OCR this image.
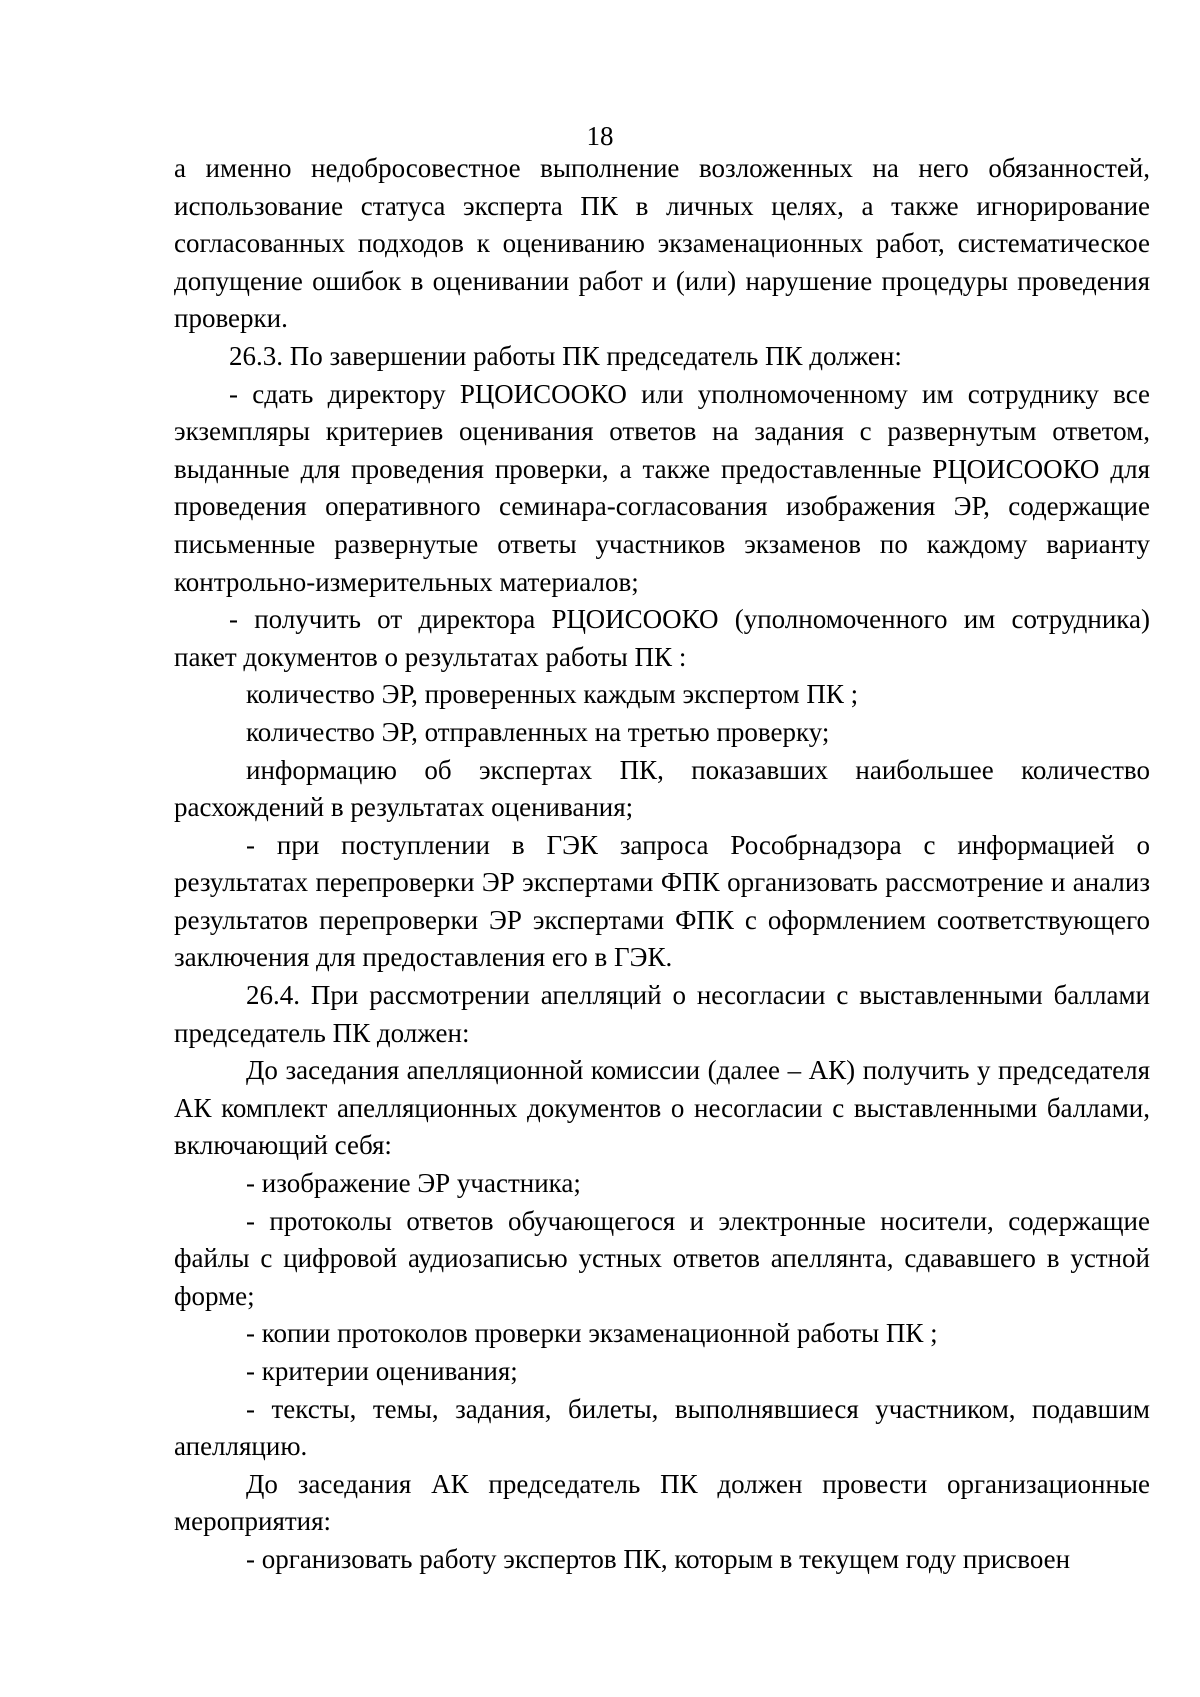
18

а именно недобросовестное выполнение возложенных на него обязанностей, использование статуса эксперта ПК в личных целях, а также игнорирование согласованных подходов к оцениванию экзаменационных работ, систематическое допущение ошибок в оценивании работ и (или) нарушение процедуры проведения проверки.

26.3. По завершении работы ПК председатель ПК должен:

- сдать директору РЦОИСООКО или уполномоченному им сотруднику все экземпляры критериев оценивания ответов на задания с развернутым ответом, выданные для проведения проверки, а также предоставленные РЦОИСООКО для проведения оперативного семинара-согласования изображения ЭР, содержащие письменные развернутые ответы участников экзаменов по каждому варианту контрольно-измерительных материалов;

- получить от директора РЦОИСООКО (уполномоченного им сотрудника) пакет документов о результатах работы ПК :

количество ЭР, проверенных каждым экспертом ПК ;

количество ЭР, отправленных на третью проверку;

информацию об экспертах ПК, показавших наибольшее количество расхождений в результатах оценивания;

- при поступлении в ГЭК запроса Рособрнадзора с информацией о результатах перепроверки ЭР экспертами ФПК организовать рассмотрение и анализ результатов перепроверки ЭР экспертами ФПК с оформлением соответствующего заключения для предоставления его в ГЭК.

26.4. При рассмотрении апелляций о несогласии с выставленными баллами председатель ПК должен:

До заседания апелляционной комиссии (далее – АК) получить у председателя АК комплект апелляционных документов о несогласии с выставленными баллами, включающий себя:

- изображение ЭР участника;

- протоколы ответов обучающегося и электронные носители, содержащие файлы с цифровой аудиозаписью устных ответов апеллянта, сдававшего в устной форме;

- копии протоколов проверки экзаменационной работы ПК ;

- критерии оценивания;

- тексты, темы, задания, билеты, выполнявшиеся участником, подавшим апелляцию.

До заседания АК председатель ПК должен провести организационные мероприятия:

- организовать работу экспертов ПК, которым в текущем году присвоен
